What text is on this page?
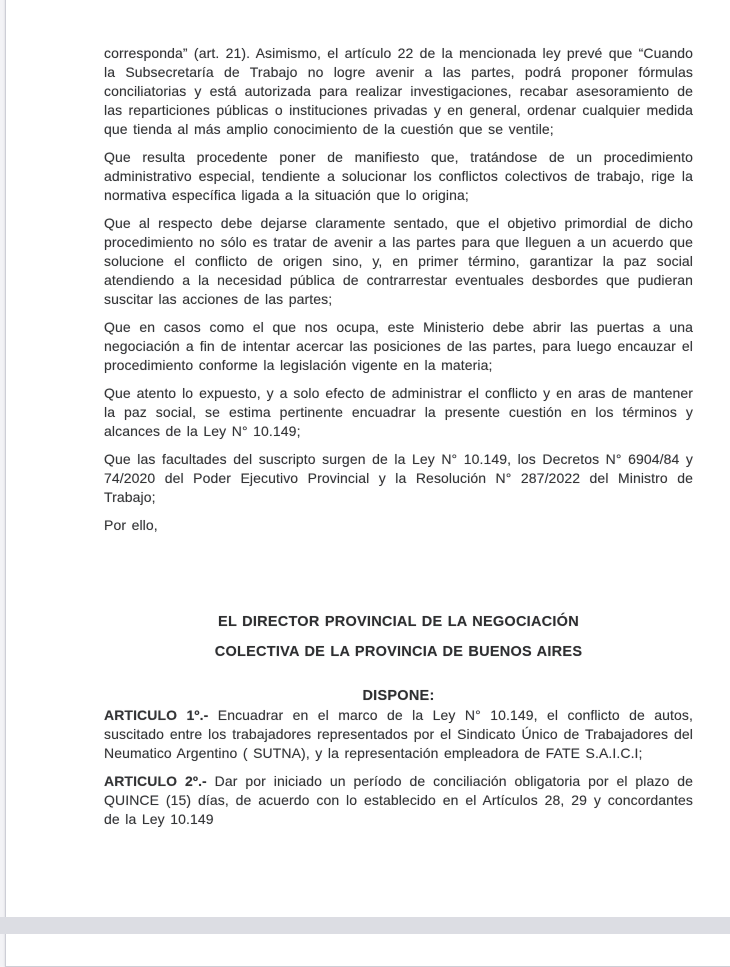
corresponda” (art. 21). Asimismo, el artículo 22 de la mencionada ley prevé que “Cuando la Subsecretaría de Trabajo no logre avenir a las partes, podrá proponer fórmulas conciliatorias y está autorizada para realizar investigaciones, recabar asesoramiento de las reparticiones públicas o instituciones privadas y en general, ordenar cualquier medida que tienda al más amplio conocimiento de la cuestión que se ventile;

Que resulta procedente poner de manifiesto que, tratándose de un procedimiento administrativo especial, tendiente a solucionar los conflictos colectivos de trabajo, rige la normativa específica ligada a la situación que lo origina;

Que al respecto debe dejarse claramente sentado, que el objetivo primordial de dicho procedimiento no sólo es tratar de avenir a las partes para que lleguen a un acuerdo que solucione el conflicto de origen sino, y, en primer término, garantizar la paz social atendiendo a la necesidad pública de contrarrestar eventuales desbordes que pudieran suscitar las acciones de las partes;

Que en casos como el que nos ocupa, este Ministerio debe abrir las puertas a una negociación a fin de intentar acercar las posiciones de las partes, para luego encauzar el procedimiento conforme la legislación vigente en la materia;

Que atento lo expuesto, y a solo efecto de administrar el conflicto y en aras de mantener la paz social, se estima pertinente encuadrar la presente cuestión en los términos y alcances de la Ley N° 10.149;

Que las facultades del suscripto surgen de la Ley N° 10.149, los Decretos N° 6904/84 y 74/2020 del Poder Ejecutivo Provincial y la Resolución N° 287/2022 del Ministro de Trabajo;

Por ello,

EL DIRECTOR PROVINCIAL DE LA NEGOCIACIÓN

COLECTIVA DE LA PROVINCIA DE BUENOS AIRES

DISPONE:

ARTICULO 1º.- Encuadrar en el marco de la Ley N° 10.149, el conflicto de autos, suscitado entre los trabajadores representados por el Sindicato Único de Trabajadores del Neumatico Argentino ( SUTNA), y la representación empleadora de FATE S.A.I.C.I;

ARTICULO 2º.- Dar por iniciado un período de conciliación obligatoria por el plazo de QUINCE (15) días, de acuerdo con lo establecido en el Artículos 28, 29 y concordantes de la Ley 10.149
